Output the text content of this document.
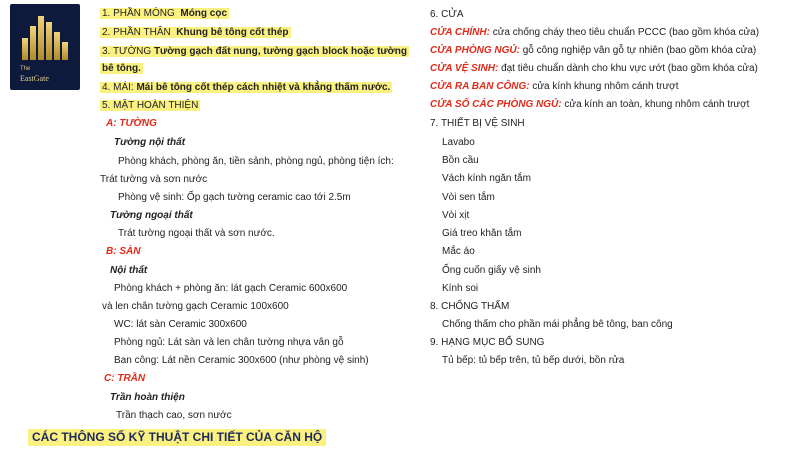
The
EastGate
1. PHẦN MÓNG Móng cọc
2. PHẦN THÂN Khung bê tông cốt thép
3. TƯỜNG Tường gạch đất nung, tường gạch block hoặc tường
bê tông.
4. MÁI: Mái bê tông cốt thép cách nhiệt và khẳng thấm nước.
5. MẶT HOÀN THIỆN
A: TƯỜNG
Tường nội thất
Phòng khách, phòng ăn, tiền sảnh, phòng ngủ, phòng tiện ích:
Trát tường và sơn nước
Phòng vệ sinh: Ốp gạch tường ceramic cao tới 2.5m
Tường ngoại thất
Trát tường ngoại thất và sơn nước.
B: SÀN
Nội thất
Phòng khách + phòng ăn: lát gạch Ceramic 600x600
và len chân tường gạch Ceramic 100x600
WC: lát sàn Ceramic 300x600
Phòng ngủ: Lát sàn và len chân tường nhựa vân gỗ
Ban công: Lát nền Ceramic 300x600 (như phòng vệ sinh)
C: TRẦN
Trần hoàn thiện
Trần thạch cao, sơn nước
6. CỬA
CỬA CHÍNH: cửa chống cháy theo tiêu chuẩn PCCC (bao gồm khóa cửa)
CỬA PHÒNG NGỦ: gỗ công nghiệp vân gỗ tự nhiên (bao gồm khóa cửa)
CỬA VỆ SINH: đạt tiêu chuẩn dành cho khu vực ướt (bao gồm khóa cửa)
CỬA RA BAN CÔNG: cửa kính khung nhôm cánh trượt
CỬA SỔ CÁC PHÒNG NGỦ: cửa kính an toàn, khung nhôm cánh trượt
7. THIẾT BỊ VỆ SINH
Lavabo
Bồn cầu
Vách kính ngăn tắm
Vòi sen tắm
Vòi xịt
Giá treo khăn tắm
Mắc áo
Ống cuốn giấy vệ sinh
Kính soi
8. CHỐNG THẤM
Chống thấm cho phần mái phẳng bê tông, ban công
9. HẠNG MỤC BỔ SUNG
Tủ bếp: tủ bếp trên, tủ bếp dưới, bồn rửa
CÁC THÔNG SỐ KỸ THUẬT CHI TIẾT CỦA CĂN HỘ
